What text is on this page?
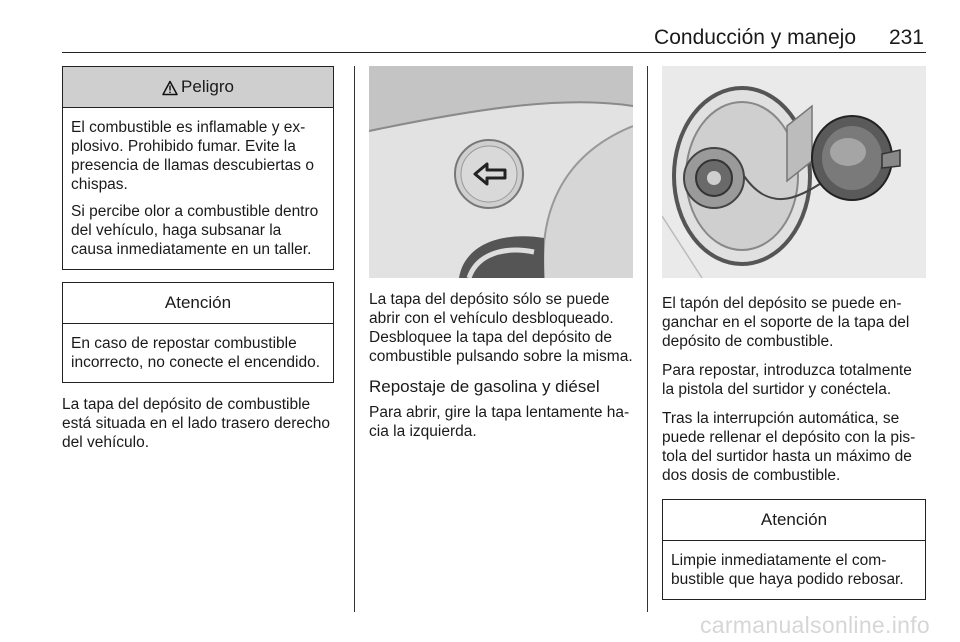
Conducción y manejo 231
Peligro

El combustible es inflamable y explosivo. Prohibido fumar. Evite la presencia de llamas descubiertas o chispas.

Si percibe olor a combustible dentro del vehículo, haga subsanar la causa inmediatamente en un taller.

Atención

En caso de repostar combustible incorrecto, no conecte el encendido.

La tapa del depósito de combustible está situada en el lado trasero derecho del vehículo.

La tapa del depósito sólo se puede abrir con el vehículo desbloqueado. Desbloquee la tapa del depósito de combustible pulsando sobre la misma.

Repostaje de gasolina y diésel

Para abrir, gire la tapa lentamente hacia la izquierda.

El tapón del depósito se puede enganchar en el soporte de la tapa del depósito de combustible.

Para repostar, introduzca totalmente la pistola del surtidor y conéctela.

Tras la interrupción automática, se puede rellenar el depósito con la pistola del surtidor hasta un máximo de dos dosis de combustible.

Atención

Limpie inmediatamente el combustible que haya podido rebosar.

carmanualsonline.info
